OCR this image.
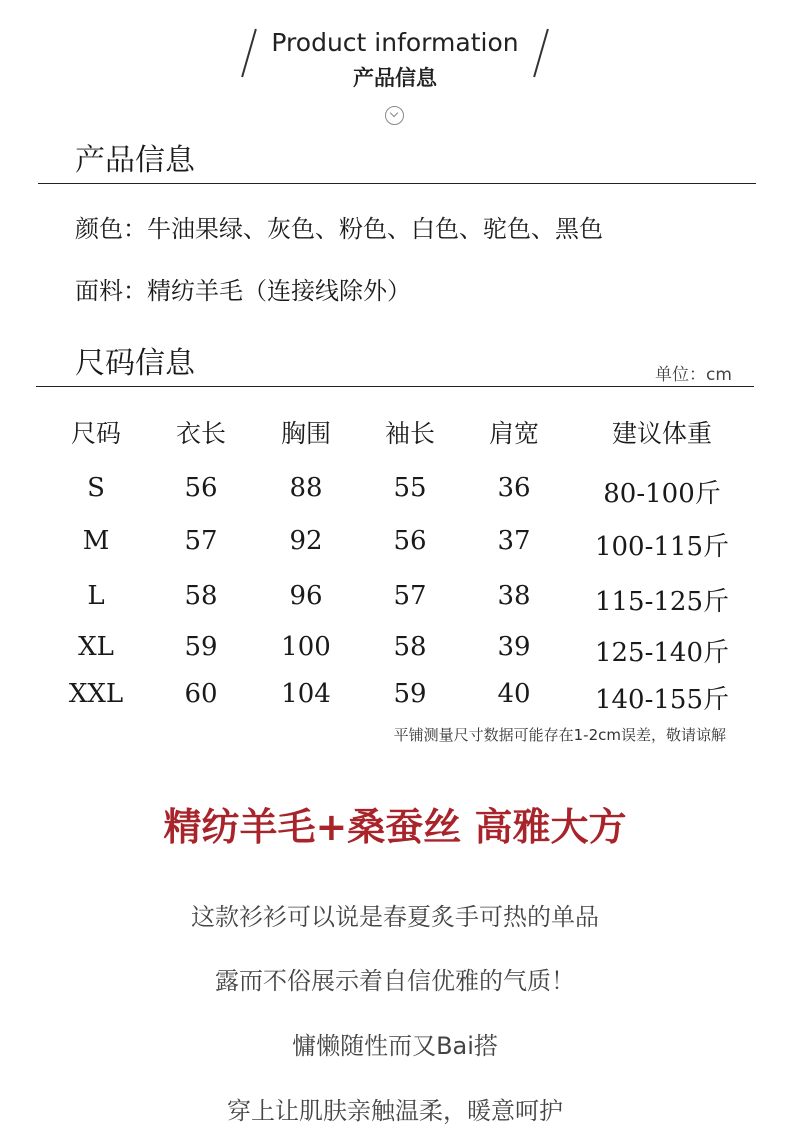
Product information
产品信息
产品信息
颜色：牛油果绿、灰色、粉色、白色、驼色、黑色
面料：精纺羊毛（连接线除外）
尺码信息	单位：cm
尺码	衣长	胸围	袖长	肩宽	建议体重
S	56	88	55	36	80-100斤
M	57	92	56	37	100-115斤
L	58	96	57	38	115-125斤
XL	59	100	58	39	125-140斤
XXL	60	104	59	40	140-155斤
平铺测量尺寸数据可能存在1-2cm误差，敬请谅解
精纺羊毛+桑蚕丝 高雅大方
这款衫衫可以说是春夏炙手可热的单品
露而不俗展示着自信优雅的气质！
慵懒随性而又Bai搭
穿上让肌肤亲触温柔，暖意呵护
